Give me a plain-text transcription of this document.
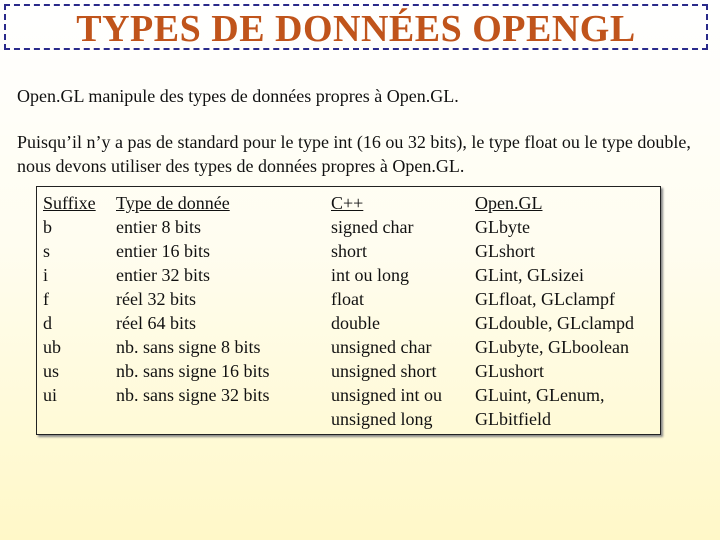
TYPES DE DONNÉES OPENGL
Open.GL manipule des types de données propres à Open.GL.
Puisqu’il n’y a pas de standard pour le type int (16 ou 32 bits), le type float ou le type double, nous devons utiliser des types de données propres à Open.GL.
Suffixe
b
s
i
f
d
ub
us
ui
Type de donnée
entier 8 bits
entier 16 bits
entier 32 bits
réel 32 bits
réel 64 bits
nb. sans signe 8 bits
nb. sans signe 16 bits
nb. sans signe 32 bits
C++
signed char
short
int ou long
float
double
unsigned char
unsigned short
unsigned int ou
unsigned long
Open.GL
GLbyte
GLshort
GLint, GLsizei
GLfloat, GLclampf
GLdouble, GLclampd
GLubyte, GLboolean
GLushort
GLuint, GLenum,
GLbitfield
